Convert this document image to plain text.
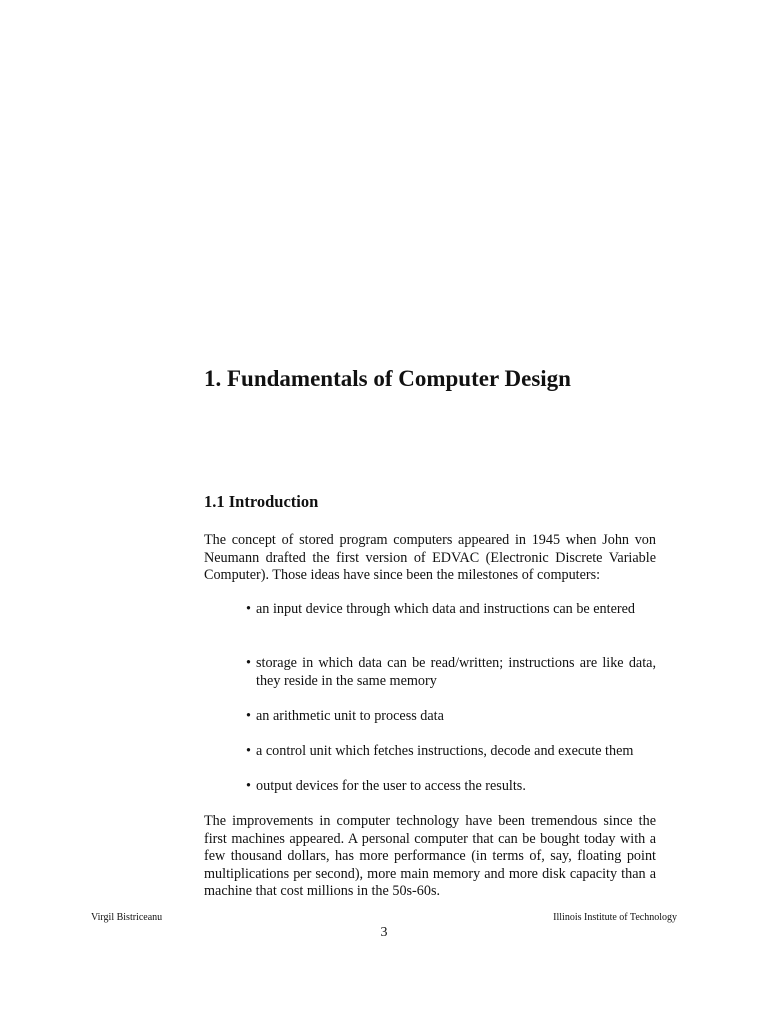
1. Fundamentals of Computer Design
1.1 Introduction

The concept of stored program computers appeared in 1945 when John von Neumann drafted the first version of EDVAC (Electronic Discrete Variable Computer). Those ideas have since been the milestones of computers:

• an input device through which data and instructions can be entered
• storage in which data can be read/written; instructions are like data, they reside in the same memory
• an arithmetic unit to process data
• a control unit which fetches instructions, decode and execute them
• output devices for the user to access the results.

The improvements in computer technology have been tremendous since the first machines appeared. A personal computer that can be bought today with a few thousand dollars, has more performance (in terms of, say, floating point multiplications per second), more main memory and more disk capacity than a machine that cost millions in the 50s-60s.

Virgil Bistriceanu	Illinois Institute of Technology
3
